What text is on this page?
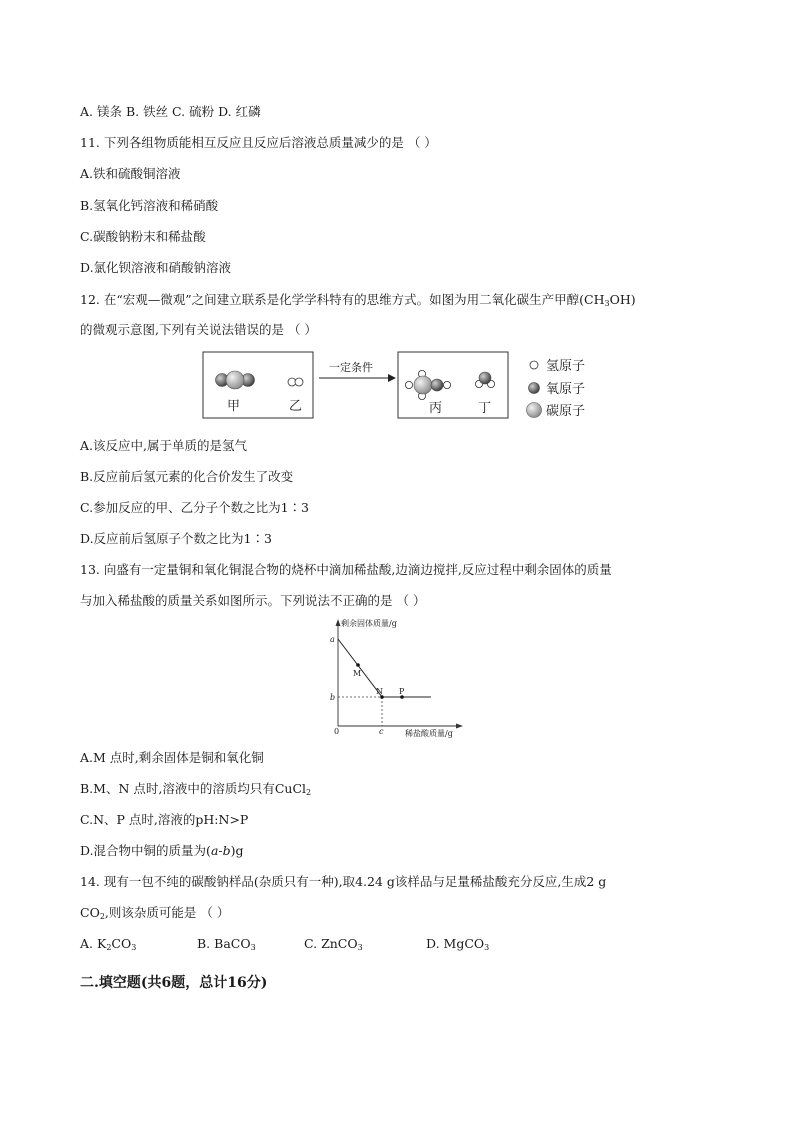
A. 镁条 B. 铁丝 C. 硫粉 D. 红磷
11. 下列各组物质能相互反应且反应后溶液总质量减少的是 （ ）
A.铁和硫酸铜溶液
B.氢氧化钙溶液和稀硝酸
C.碳酸钠粉末和稀盐酸
D.氯化钡溶液和硝酸钠溶液
12. 在“宏观—微观”之间建立联系是化学学科特有的思维方式。如图为用二氧化碳生产甲醇$(CH_3OH)$
的微观示意图,下列有关说法错误的是 （ ）
甲	乙
一定条件
丙	丁
氢原子
氧原子
碳原子
A.该反应中,属于单质的是氢气
B.反应前后氢元素的化合价发生了改变
C.参加反应的甲、乙分子个数之比为1∶3
D.反应前后氢原子个数之比为1∶3
13. 向盛有一定量铜和氧化铜混合物的烧杯中滴加稀盐酸,边滴边搅拌,反应过程中剩余固体的质量
与加入稀盐酸的质量关系如图所示。下列说法不正确的是 （ ）
剩余固体质量/g
稀盐酸质量/g
a
b
c
0
M
N P
A.M 点时,剩余固体是铜和氧化铜
B.M、N 点时,溶液中的溶质均只有CuCl$_2$
C.N、P 点时,溶液的pH:N>P
D.混合物中铜的质量为(a-b)g
14. 现有一包不纯的碳酸钠样品(杂质只有一种),取4.24 g该样品与足量稀盐酸充分反应,生成2 g
$CO_2$,则该杂质可能是 （ ）
A. $K_2CO_3$	B. BaCO$_3$	C. ZnCO$_3$	D. MgCO$_3$
二.填空题(共6题，总计16分)
